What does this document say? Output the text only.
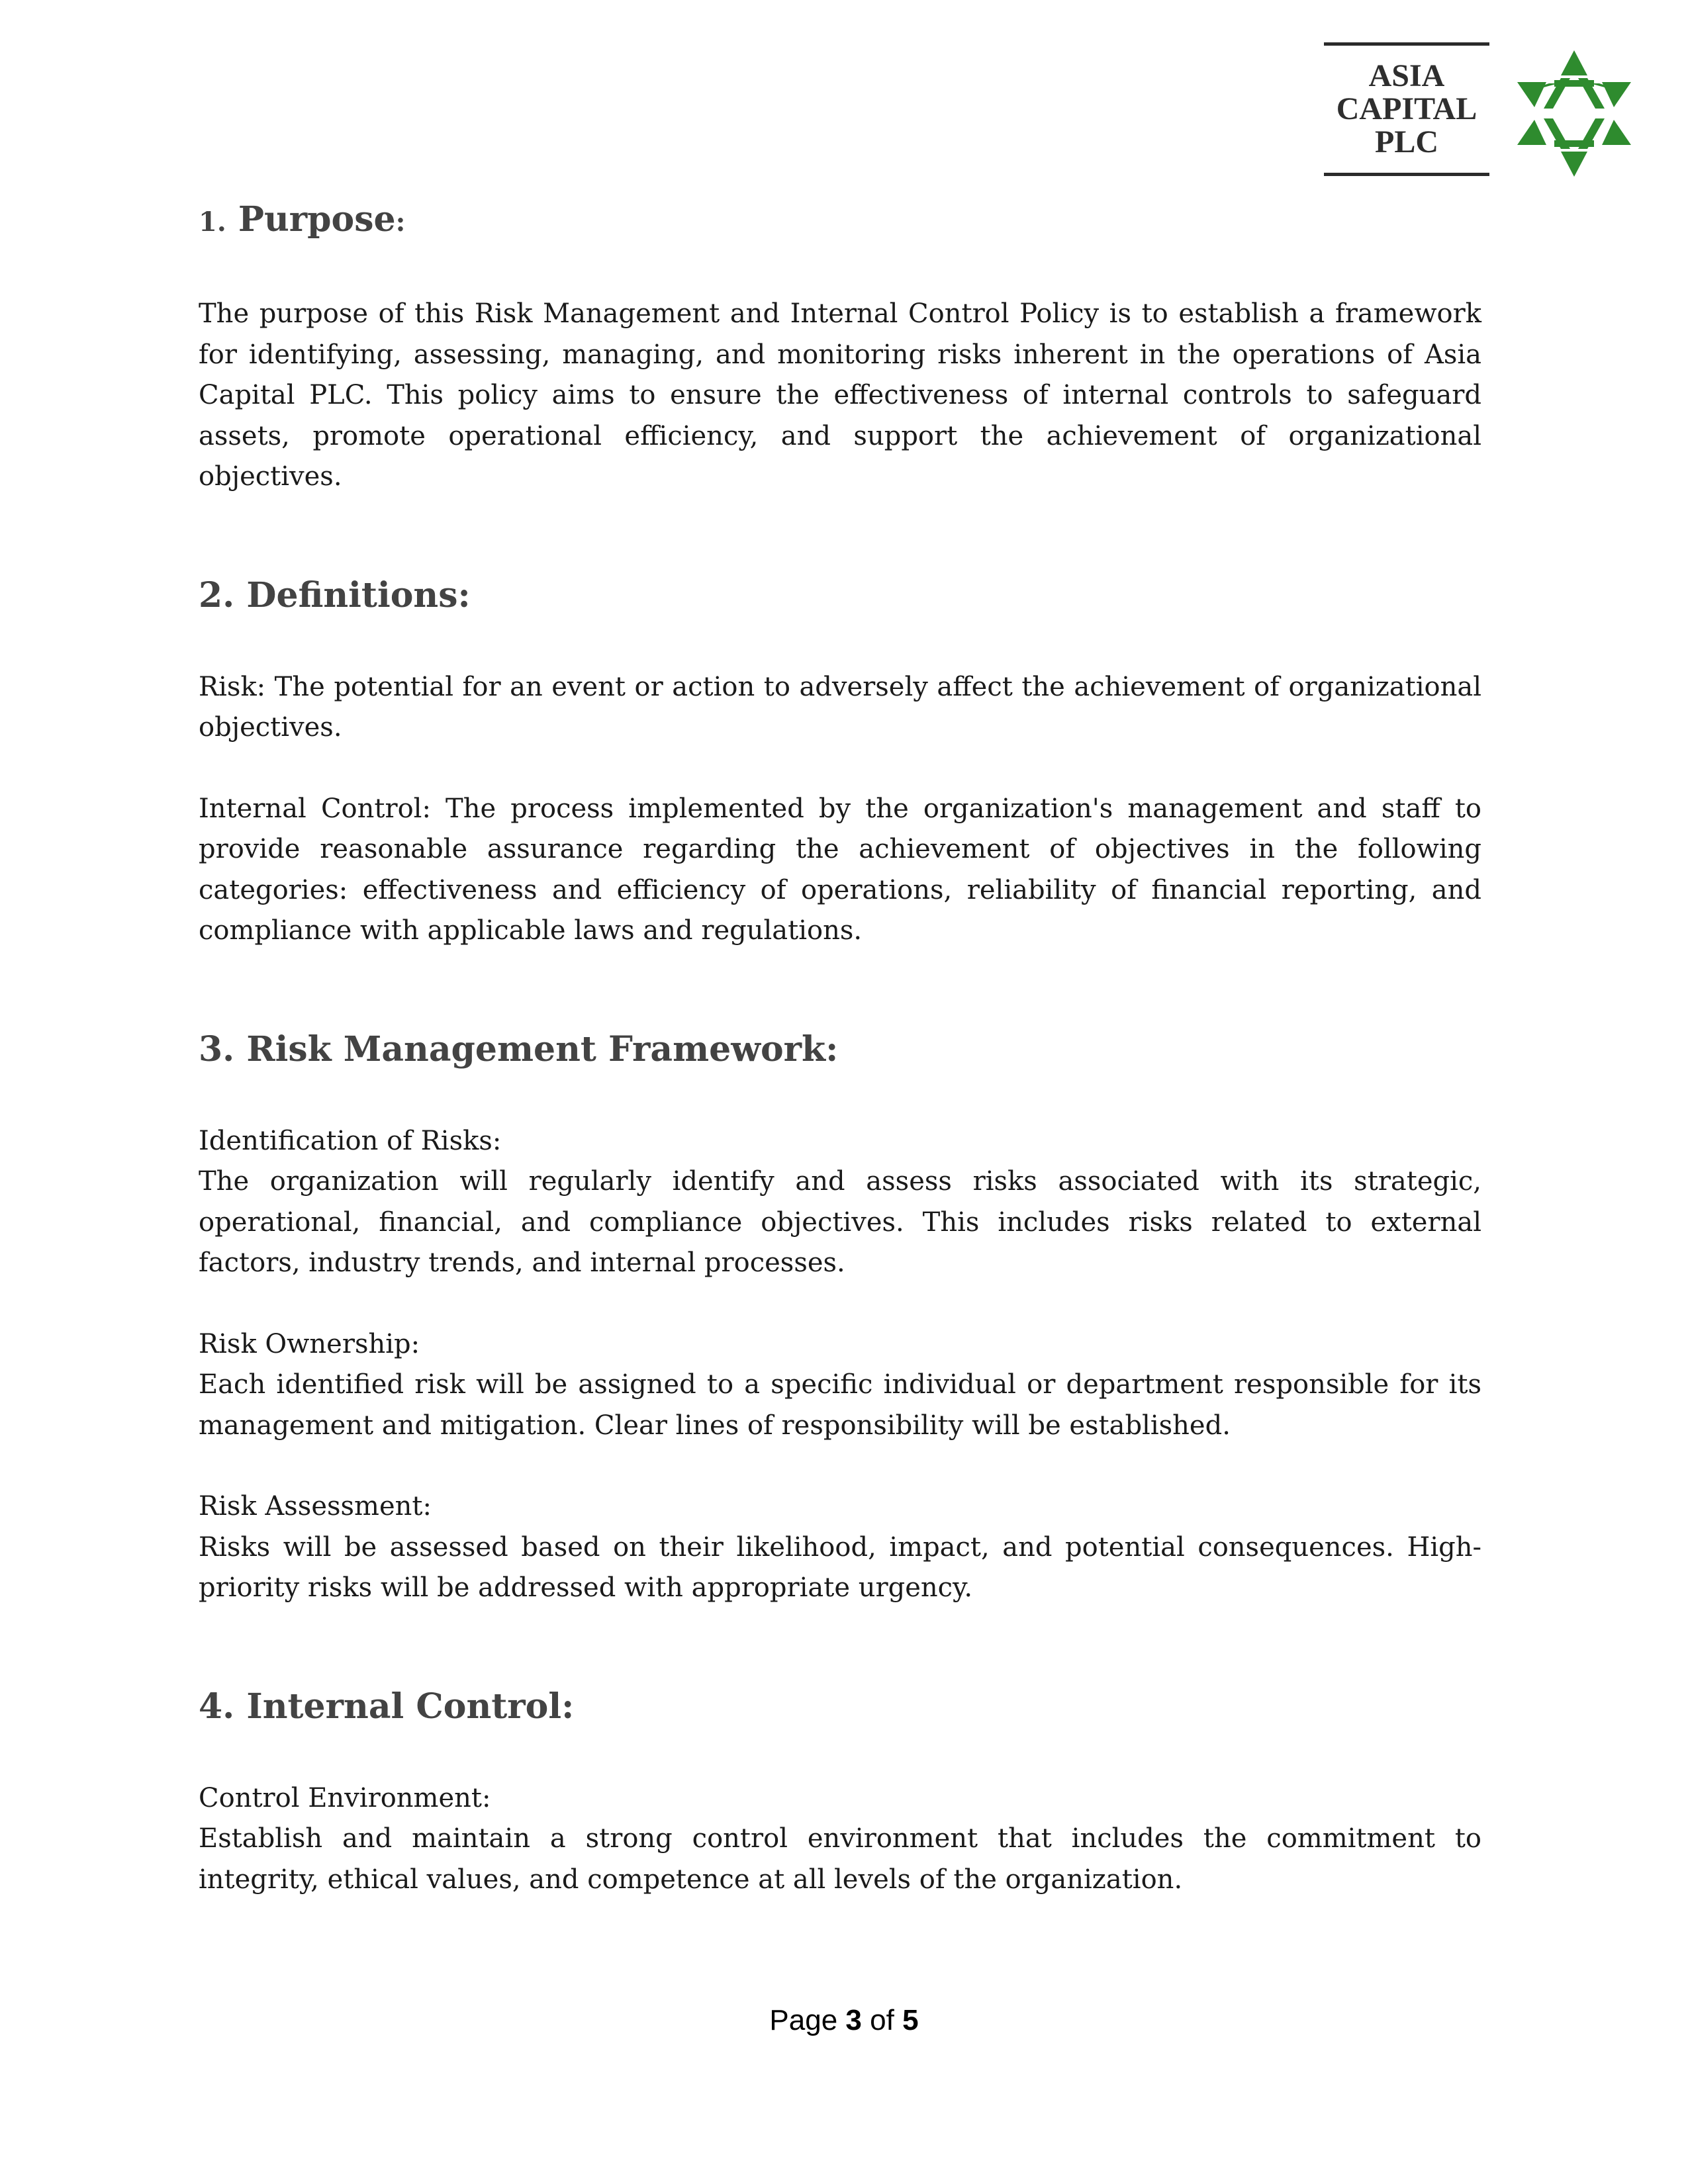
ASIA
CAPITAL
PLC
1. Purpose:

The purpose of this Risk Management and Internal Control Policy is to establish a framework for identifying, assessing, managing, and monitoring risks inherent in the operations of Asia Capital PLC. This policy aims to ensure the effectiveness of internal controls to safeguard assets, promote operational efficiency, and support the achievement of organizational objectives.

2. Definitions:

Risk: The potential for an event or action to adversely affect the achievement of organizational objectives.

Internal Control: The process implemented by the organization's management and staff to provide reasonable assurance regarding the achievement of objectives in the following categories: effectiveness and efficiency of operations, reliability of financial reporting, and compliance with applicable laws and regulations.

3. Risk Management Framework:

Identification of Risks:

The organization will regularly identify and assess risks associated with its strategic, operational, financial, and compliance objectives. This includes risks related to external factors, industry trends, and internal processes.

Risk Ownership:

Each identified risk will be assigned to a specific individual or department responsible for its management and mitigation. Clear lines of responsibility will be established.

Risk Assessment:

Risks will be assessed based on their likelihood, impact, and potential consequences. High-priority risks will be addressed with appropriate urgency.

4. Internal Control:

Control Environment:

Establish and maintain a strong control environment that includes the commitment to integrity, ethical values, and competence at all levels of the organization.

Page 3 of 5
